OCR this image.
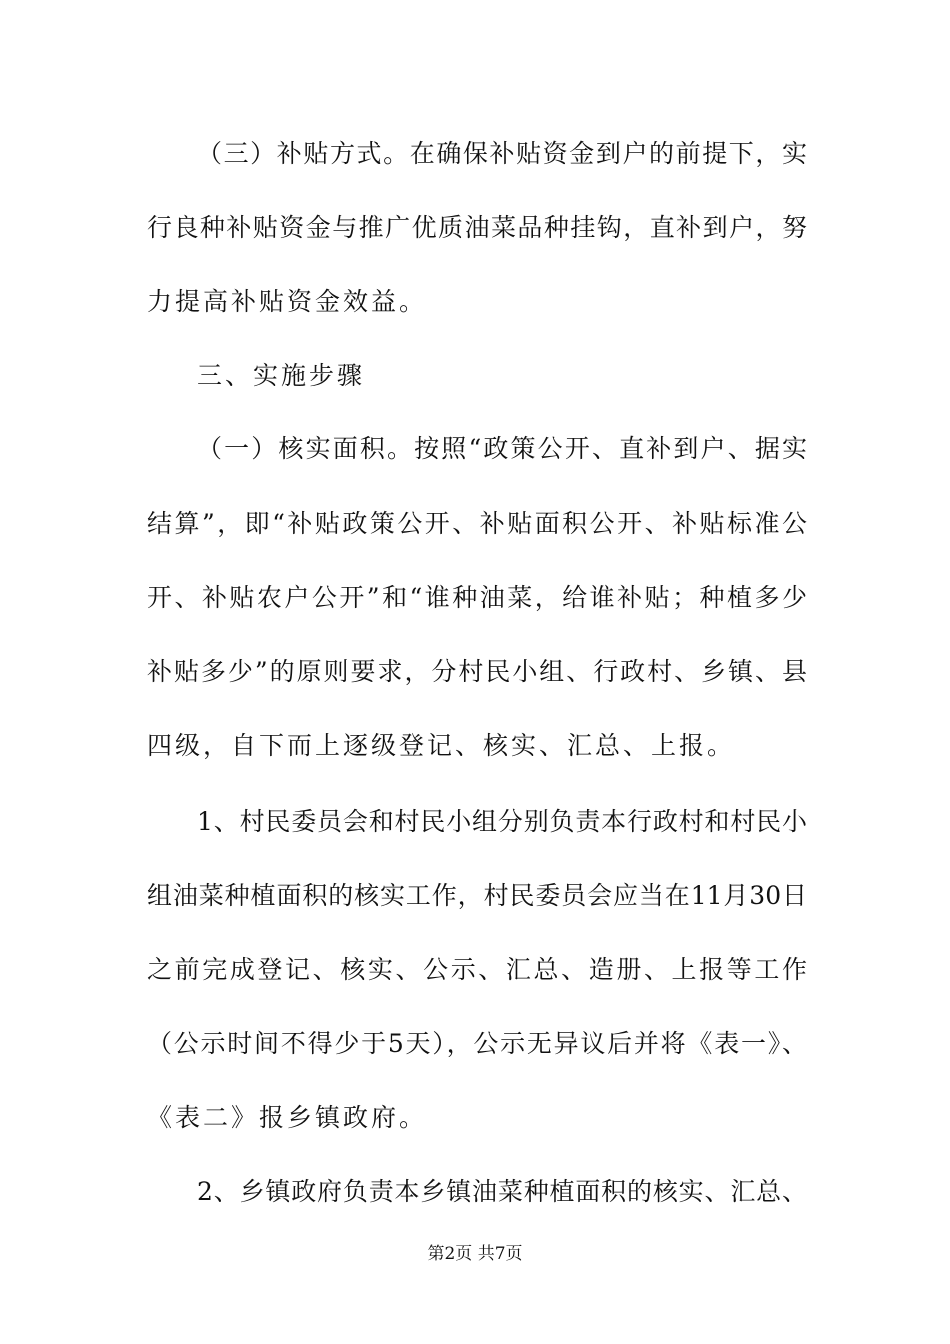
（三）补贴方式。在确保补贴资金到户的前提下，实
行良种补贴资金与推广优质油菜品种挂钩，直补到户，努
力提高补贴资金效益。
三、实施步骤
（一）核实面积。按照“政策公开、直补到户、据实
结算”，即“补贴政策公开、补贴面积公开、补贴标准公
开、补贴农户公开”和“谁种油菜，给谁补贴；种植多少
补贴多少”的原则要求，分村民小组、行政村、乡镇、县
四级，自下而上逐级登记、核实、汇总、上报。
1、村民委员会和村民小组分别负责本行政村和村民小
组油菜种植面积的核实工作，村民委员会应当在11月30日
之前完成登记、核实、公示、汇总、造册、上报等工作
（公示时间不得少于5天），公示无异议后并将《表一》、
《表二》报乡镇政府。
2、乡镇政府负责本乡镇油菜种植面积的核实、汇总、
第2页 共7页
